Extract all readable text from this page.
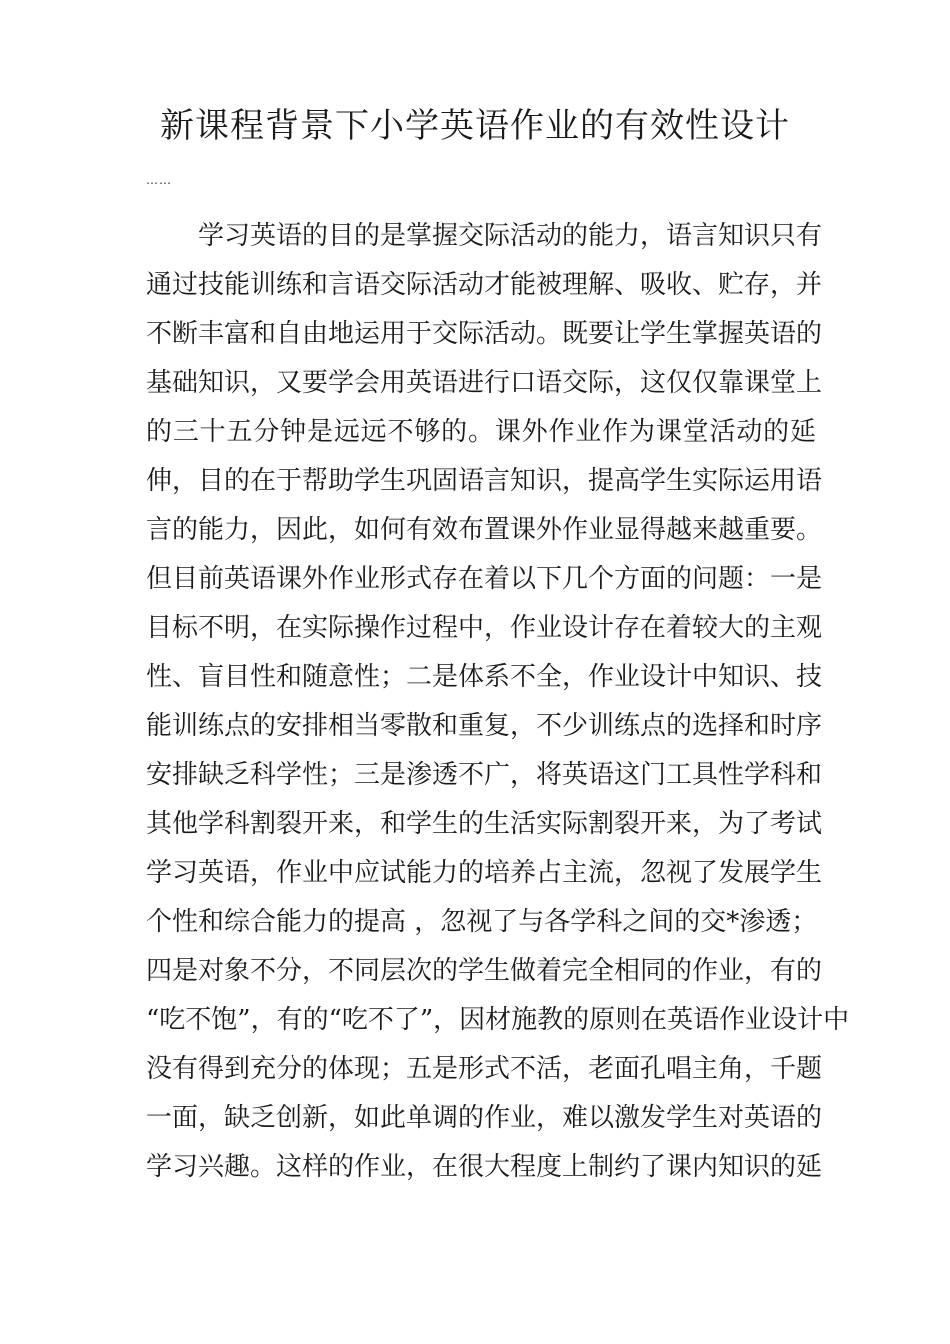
新课程背景下小学英语作业的有效性设计
……
学习英语的目的是掌握交际活动的能力，语言知识只有
通过技能训练和言语交际活动才能被理解、吸收、贮存，并
不断丰富和自由地运用于交际活动。既要让学生掌握英语的
基础知识，又要学会用英语进行口语交际，这仅仅靠课堂上
的三十五分钟是远远不够的。课外作业作为课堂活动的延
伸，目的在于帮助学生巩固语言知识，提高学生实际运用语
言的能力，因此，如何有效布置课外作业显得越来越重要。
但目前英语课外作业形式存在着以下几个方面的问题：一是
目标不明，在实际操作过程中，作业设计存在着较大的主观
性、盲目性和随意性；二是体系不全，作业设计中知识、技
能训练点的安排相当零散和重复，不少训练点的选择和时序
安排缺乏科学性；三是渗透不广，将英语这门工具性学科和
其他学科割裂开来，和学生的生活实际割裂开来，为了考试
学习英语，作业中应试能力的培养占主流，忽视了发展学生
个性和综合能力的提高 ，忽视了与各学科之间的交*渗透；
四是对象不分，不同层次的学生做着完全相同的作业，有的
“吃不饱”，有的“吃不了”，因材施教的原则在英语作业设计中
没有得到充分的体现；五是形式不活，老面孔唱主角，千题
一面，缺乏创新，如此单调的作业，难以激发学生对英语的
学习兴趣。这样的作业，在很大程度上制约了课内知识的延
